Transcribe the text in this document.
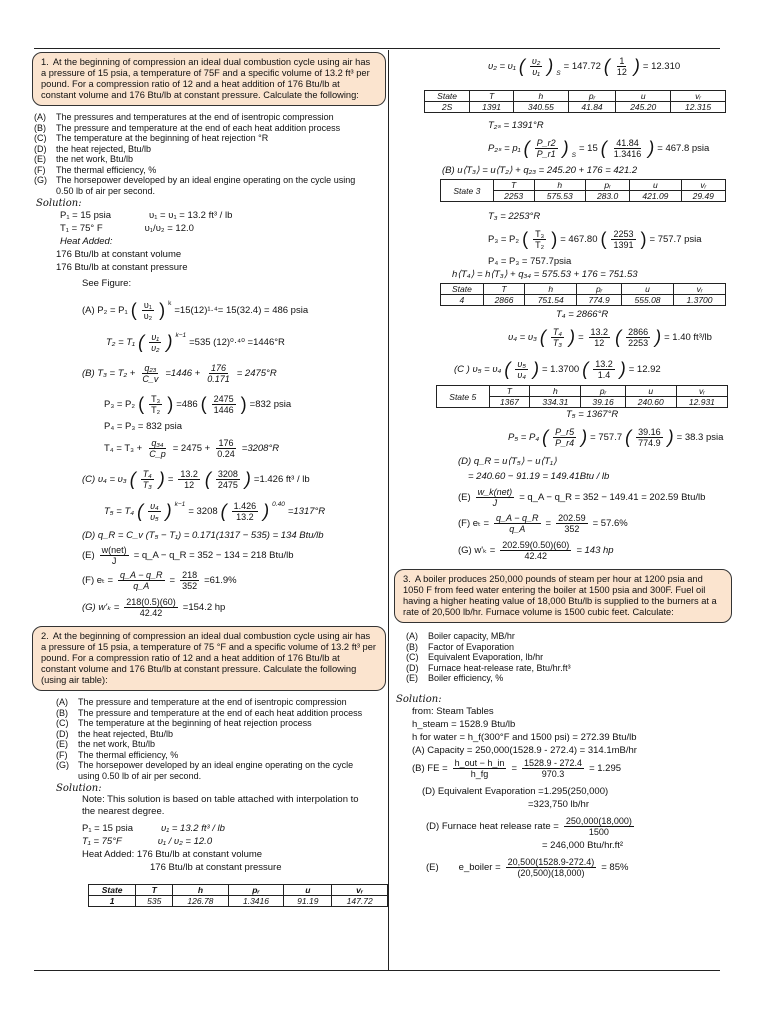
1. At the beginning of compression an ideal dual combustion cycle using air has a pressure of 15 psia, a temperature of 75F and a specific volume of 13.2 ft³ per pound. For a compression ratio of 12 and a heat addition of 176 Btu/lb at constant volume and 176 Btu/lb at constant pressure. Calculate the following:
(A)	The pressures and temperatures at the end of isentropic compression
(B)	The pressure and temperature at the end of each heat addition process
(C)	The temperature at the beginning of heat rejection °R
(D)	the heat rejected, Btu/lb
(E)	the net work, Btu/lb
(F)	The thermal efficiency, %
(G)	The horsepower developed by an ideal engine operating on the cycle using 0.50 lb of air per second.
Solution:
P₁ = 15 psia	υ₁ = υ₁ = 13.2 ft³ / lb
T₁ = 75° F	υ₁/υ₂ = 12.0
Heat Added:
176 Btu/lb at constant volume
176 Btu/lb at constant pressure
See Figure:
(A) P₂ = P₁ ( $\frac{\text{υ₁}}{\text{υ₂}}$ ) $^k$
=15(12)¹·⁴= 15(32.4) = 486 psia
T₂ = T₁ ( $\frac{\text{υ₁}}{\text{υ₂}}$ ) $^{k-1}$
=535 (12)⁰·⁴⁰ =1446°R
(B) $T_3 = T_2 + \frac{\text{q₂₃}}{C\_v} =1446 + \frac{176}{0.171} = 2475^\circ R$
P₃ = P₂ ( $\frac{\text{T₃}}{\text{T₂}}$ ) =486 ( $\frac{2475}{1446}$ ) =832 psia
P₄ = P₃ = 832 psia
$T_4 = T_3 + \frac{\text{q₃₄}}{C\_p} = 2475 + \frac{176}{0.24} =3208^\circ R$
(C) υ₄ = υ₃ ( $\frac{\text{T₄}}{\text{T₃}}$ ) = $\frac{13.2}{12}$ ( $\frac{3208}{2475}$ ) =1.426 ft³ / lb
T₅ = T₄ ( $\frac{\text{υ₄}}{\text{υ₅}}$ ) $^{k-1}$
= 3208 ( $\frac{1.426}{13.2}$ ) $^{0.40}$
=1317°R
(D) q_R = C_v (T₅ − T₁) = 0.171(1317 − 535) = 134 Btu/lb
$(E) \frac{\text{w(net)}}{J}$ = q_A − q_R = 352 − 134 = 218 Btu/lb
(F) $e_t = \frac{q\_A - q\_R}{q\_A} = \frac{218}{352} =61.9\%$
(G) $w'_k = \frac{218(0.5)(60)}{42.42} =154.2$ hp
2. At the beginning of compression an ideal dual combustion cycle using air has a pressure of 15 psia, a temperature of 75 °F and a specific volume of 13.2 ft³ per pound. For a compression ratio of 12 and a heat addition of 176 Btu/lb at constant volume and 176 Btu/lb at constant pressure. Calculate the following (using air table):
(A)	The pressure and temperature at the end of isentropic compression
(B)	The pressure and temperature at the end of each heat addition process
(C)	The temperature at the beginning of heat rejection process
(D)	the heat rejected, Btu/lb
(E)	the net work, Btu/lb
(F)	The thermal efficiency, %
(G)	The horsepower developed by an ideal engine operating on the cycle using 0.50 lb of air per second.
Solution:
Note: This solution is based on table attached with interpolation to the nearest degree.
P₁ = 15 psia	υ₁ = 13.2 ft³ / lb
T₁ = 75°F	υ₁ / υ₂ = 12.0
Heat Added: 176 Btu/lb at constant volume
176 Btu/lb at constant pressure
State	T	h	pᵣ	u	vᵣ
1	535	126.78	1.3416	91.19	147.72
υ₂ = υ₁ ( $\frac{\text{υ₂}}{\text{υ₁}}$ ) $_S$
= 147.72 ( $\frac{1}{12}$ ) = 12.310
State	T	h	pᵣ	u	vᵣ
2S	1391	340.55	41.84	245.20	12.315
T₂ₛ = 1391°R
P₂ₛ = p₁ ( $\frac{P\_r2}{P\_r1}$ ) $_S$
= 15 ( $\frac{41.84}{1.3416}$ ) = 467.8 psia
(B) u⟨T₃⟩ = u⟨T₂⟩ + q₂₃ = 245.20 + 176 = 421.2
State 3	T	h	pᵣ	u	vᵣ
	2253	575.53	283.0	421.09	29.49
T₃ = 2253°R
P₃ = P₂ ( $\frac{\text{T₃}}{\text{T₂}}$ ) = 467.80 ( $\frac{2253}{1391}$ ) = 757.7 psia
P₄ = P₃ = 757.7psia
h⟨T₄⟩ = h⟨T₃⟩ + q₃₄ = 575.53 + 176 = 751.53
State	T	h	pᵣ	u	vᵣ
4	2866	751.54	774.9	555.08	1.3700
T₄ = 2866°R
υ₄ = υ₃ ( $\frac{\text{T₄}}{\text{T₃}}$ ) = $\frac{13.2}{12}$ ( $\frac{2866}{2253}$ ) = 1.40 ft³/lb
(C ) υ₅ = υ₄ ( $\frac{\text{υ₅}}{\text{υ₄}}$ ) = 1.3700 ( $\frac{13.2}{1.4}$ ) = 12.92
State 5	T	h	pᵣ	u	vᵣ
	1367	334.31	39.16	240.60	12.931
T₅ = 1367°R
P₅ = P₄ ( $\frac{P\_r5}{P\_r4}$ ) = 757.7 ( $\frac{39.16}{774.9}$ ) = 38.3 psia
(D) q_R = u⟨T₅⟩ − u⟨T₁⟩
= 240.60 − 91.19 = 149.41Btu / lb
$(E) \frac{\text{w\_k(net)}}{J}$ = q_A − q_R = 352 − 149.41 = 202.59 Btu/lb
(F) $e_t = \frac{q\_A - q\_R}{q\_A} = \frac{202.59}{352} = 57.6\%$
(G) $w'_k = \frac{202.59(0.50)(60)}{42.42} = 143$ hp
3. A boiler produces 250,000 pounds of steam per hour at 1200 psia and 1050 F from feed water entering the boiler at 1500 psia and 300F. Fuel oil having a higher heating value of 18,000 Btu/lb is supplied to the burners at a rate of 20,500 lb/hr. Furnace volume is 1500 cubic feet. Calculate:
(A)	Boiler capacity, MB/hr
(B)	Factor of Evaporation
(C)	Equivalent Evaporation, lb/hr
(D)	Furnace heat-release rate, Btu/hr.ft³
(E)	Boiler efficiency, %
Solution:
from: Steam Tables
h_steam = 1528.9 Btu/lb
h for water = h_f(300°F and 1500 psi) = 272.39 Btu/lb
(A) Capacity = 250,000(1528.9 - 272.4) = 314.1mB/hr
(B) FE = $\frac{\text{h\_out − h\_in}}{h\_fg} = \frac{1528.9 - 272.4}{970.3} = 1.295$
(D) Equivalent Evaporation =1.295(250,000)
=323,750 lb/hr
(D) Furnace heat release rate = $\frac{250,000(18,000)}{1500}$
= 246,000 Btu/hr.ft²
(E) e_boiler = $\frac{20,500(1528.9-272.4)}{(20,500)(18,000)} = 85\%$
